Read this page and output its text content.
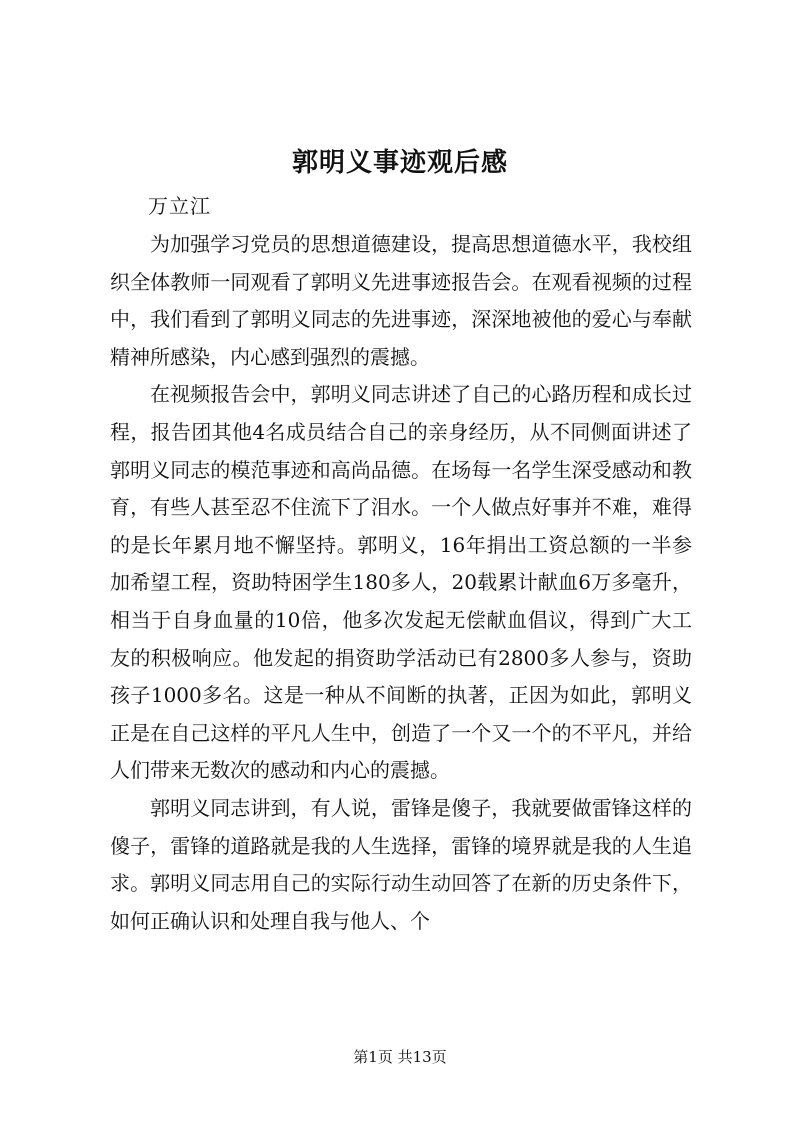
郭明义事迹观后感
万立江

为加强学习党员的思想道德建设，提高思想道德水平，我校组织全体教师一同观看了郭明义先进事迹报告会。在观看视频的过程中，我们看到了郭明义同志的先进事迹，深深地被他的爱心与奉献精神所感染，内心感到强烈的震撼。

在视频报告会中，郭明义同志讲述了自己的心路历程和成长过程，报告团其他4名成员结合自己的亲身经历，从不同侧面讲述了郭明义同志的模范事迹和高尚品德。在场每一名学生深受感动和教育，有些人甚至忍不住流下了泪水。一个人做点好事并不难，难得的是长年累月地不懈坚持。郭明义，16年捐出工资总额的一半参加希望工程，资助特困学生180多人，20载累计献血6万多毫升，相当于自身血量的10倍，他多次发起无偿献血倡议，得到广大工友的积极响应。他发起的捐资助学活动已有2800多人参与，资助孩子1000多名。这是一种从不间断的执著，正因为如此，郭明义正是在自己这样的平凡人生中，创造了一个又一个的不平凡，并给人们带来无数次的感动和内心的震撼。

郭明义同志讲到，有人说，雷锋是傻子，我就要做雷锋这样的傻子，雷锋的道路就是我的人生选择，雷锋的境界就是我的人生追求。郭明义同志用自己的实际行动生动回答了在新的历史条件下，如何正确认识和处理自我与他人、个

第1页 共13页
